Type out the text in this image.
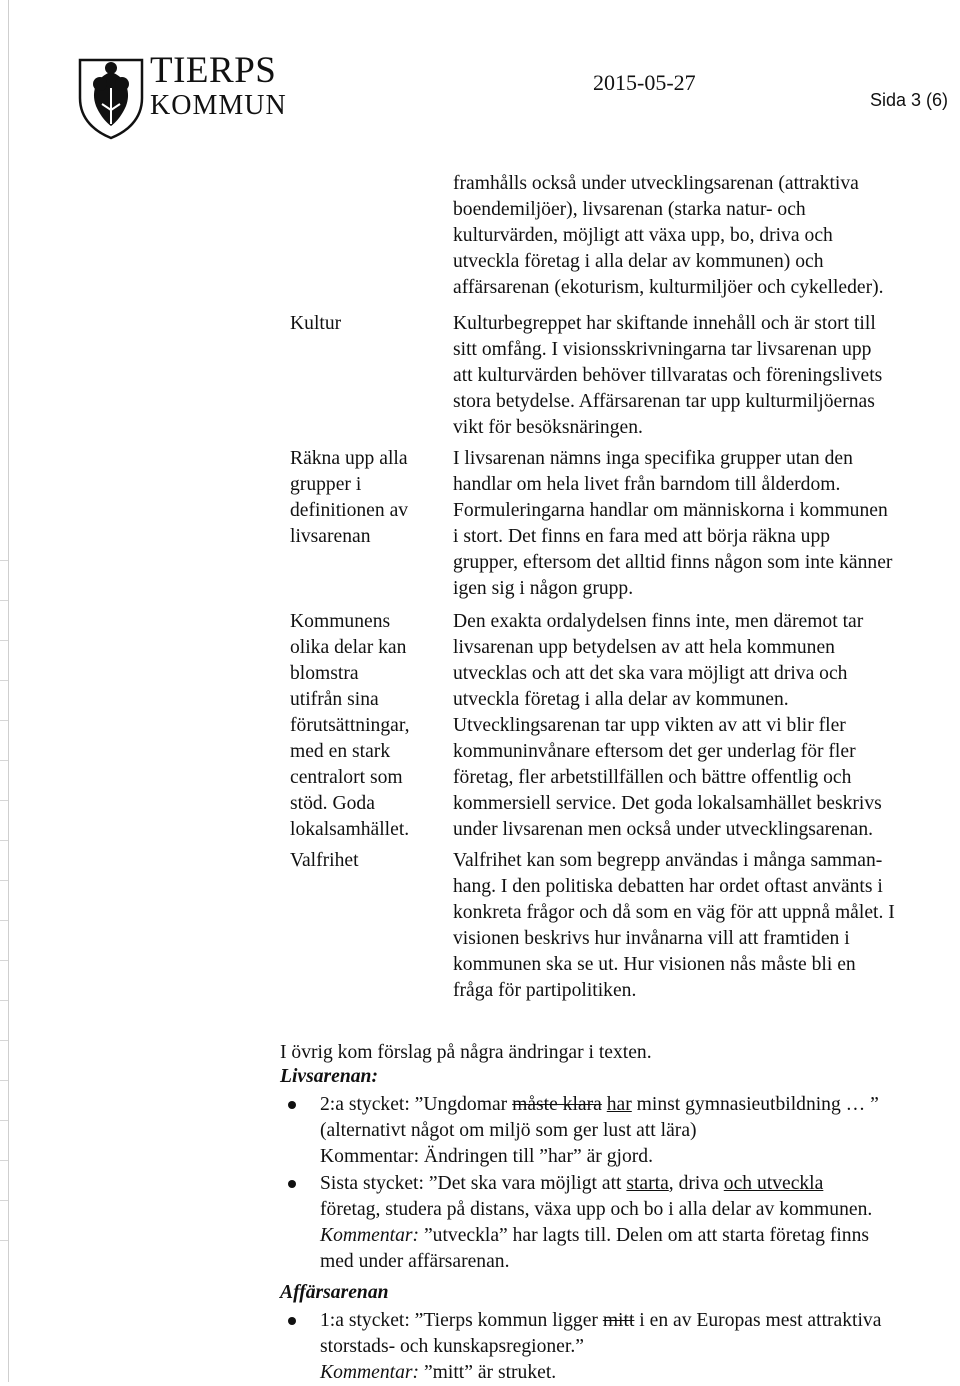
TIERPS
KOMMUN
2015-05-27
Sida 3 (6)
framhålls också under utvecklingsarenan (attraktiva
boendemiljöer), livsarenan (starka natur- och
kulturvärden, möjligt att växa upp, bo, driva och
utveckla företag i alla delar av kommunen) och
affärsarenan (ekoturism, kulturmiljöer och cykelleder).
Kultur	Kulturbegreppet har skiftande innehåll och är stort till
sitt omfång. I visionsskrivningarna tar livsarenan upp
att kulturvärden behöver tillvaratas och föreningslivets
stora betydelse. Affärsarenan tar upp kulturmiljöernas
vikt för besöksnäringen.
Räkna upp alla
grupper i
definitionen av
livsarenan
I livsarenan nämns inga specifika grupper utan den
handlar om hela livet från barndom till ålderdom.
Formuleringarna handlar om människorna i kommunen
i stort. Det finns en fara med att börja räkna upp
grupper, eftersom det alltid finns någon som inte känner
igen sig i någon grupp.
Kommunens
olika delar kan
blomstra
utifrån sina
förutsättningar,
med en stark
centralort som
stöd. Goda
lokalsamhället.
Den exakta ordalydelsen finns inte, men däremot tar
livsarenan upp betydelsen av att hela kommunen
utvecklas och att det ska vara möjligt att driva och
utveckla företag i alla delar av kommunen.
Utvecklingsarenan tar upp vikten av att vi blir fler
kommuninvånare eftersom det ger underlag för fler
företag, fler arbetstillfällen och bättre offentlig och
kommersiell service. Det goda lokalsamhället beskrivs
under livsarenan men också under utvecklingsarenan.
Valfrihet	Valfrihet kan som begrepp användas i många samman-
hang. I den politiska debatten har ordet oftast använts i
konkreta frågor och då som en väg för att uppnå målet. I
visionen beskrivs hur invånarna vill att framtiden i
kommunen ska se ut. Hur visionen nås måste bli en
fråga för partipolitiken.
I övrig kom förslag på några ändringar i texten.
Livsarenan:
2:a stycket: ”Ungdomar måste klara har minst gymnasieutbildning … ”
(alternativt något om miljö som ger lust att lära)
Kommentar: Ändringen till ”har” är gjord.
Sista stycket: ”Det ska vara möjligt att starta, driva och utveckla
företag, studera på distans, växa upp och bo i alla delar av kommunen.
Kommentar: ”utveckla” har lagts till. Delen om att starta företag finns
med under affärsarenan.
Affärsarenan
1:a stycket: ”Tierps kommun ligger mitt i en av Europas mest attraktiva
storstads- och kunskapsregioner.”
Kommentar: ”mitt” är struket.
